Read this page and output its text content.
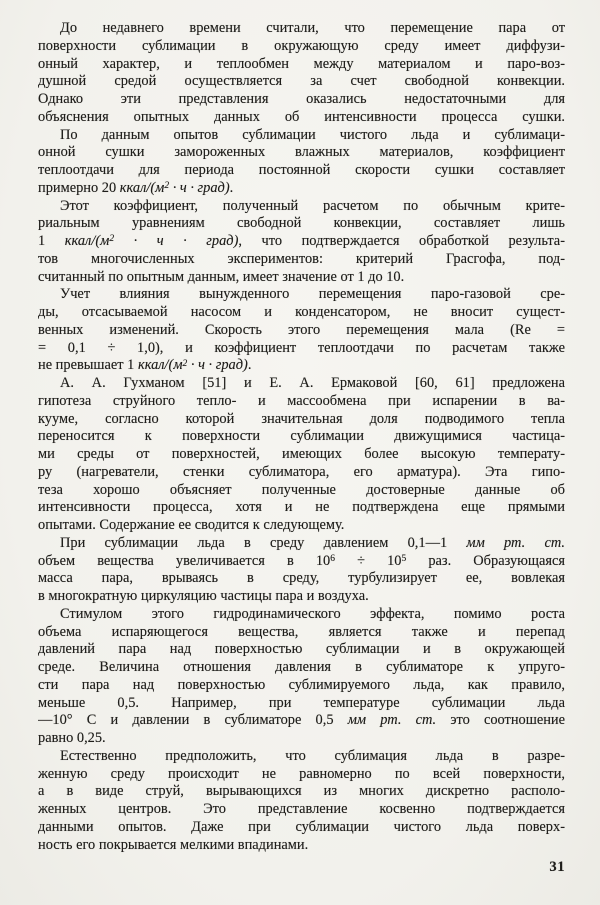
До недавнего времени считали, что перемещение пара от
поверхности сублимации в окружающую среду имеет диффузи-
онный характер, и теплообмен между материалом и паро-воз-
душной средой осуществляется за счет свободной конвекции.
Однако эти представления оказались недостаточными для
объяснения опытных данных об интенсивности процесса сушки.
По данным опытов сублимации чистого льда и сублимаци-
онной сушки замороженных влажных материалов, коэффициент
теплоотдачи для периода постоянной скорости сушки составляет
примерно 20 ккал/($м^2 \cdot ч$ · град).
Этот коэффициент, полученный расчетом по обычным крите-
риальным уравнениям свободной конвекции, составляет лишь
1 ккал/($м^2 \cdot ч$ · град), что подтверждается обработкой результа-
тов многочисленных экспериментов: критерий Грасгофа, под-
считанный по опытным данным, имеет значение от 1 до 10.
Учет влияния вынужденного перемещения паро-газовой сре-
ды, отсасываемой насосом и конденсатором, не вносит сущест-
венных изменений. Скорость этого перемещения мала (Re =
= 0,1 ÷ 1,0), и коэффициент теплоотдачи по расчетам также
не превышает 1 ккал/($м^2 \cdot ч$ · град).
А. А. Гухманом [51] и Е. А. Ермаковой [60, 61] предложена
гипотеза струйного тепло- и массообмена при испарении в ва-
кууме, согласно которой значительная доля подводимого тепла
переносится к поверхности сублимации движущимися частица-
ми среды от поверхностей, имеющих более высокую температу-
ру (нагреватели, стенки сублиматора, его арматура). Эта гипо-
теза хорошо объясняет полученные достоверные данные об
интенсивности процесса, хотя и не подтверждена еще прямыми
опытами. Содержание ее сводится к следующему.
При сублимации льда в среду давлением 0,1—1 мм рт. ст.
объем вещества увеличивается в $10^6 \div 10^5$ раз. Образующаяся
масса пара, врываясь в среду, турбулизирует ее, вовлекая
в многократную циркуляцию частицы пара и воздуха.
Стимулом этого гидродинамического эффекта, помимо роста
объема испаряющегося вещества, является также и перепад
давлений пара над поверхностью сублимации и в окружающей
среде. Величина отношения давления в сублиматоре к упруго-
сти пара над поверхностью сублимируемого льда, как правило,
меньше 0,5. Например, при температуре сублимации льда
—10° С и давлении в сублиматоре 0,5 мм рт. ст. это соотношение
равно 0,25.
Естественно предположить, что сублимация льда в разре-
женную среду происходит не равномерно по всей поверхности,
а в виде струй, вырывающихся из многих дискретно располо-
женных центров. Это представление косвенно подтверждается
данными опытов. Даже при сублимации чистого льда поверх-
ность его покрывается мелкими впадинами.
31
